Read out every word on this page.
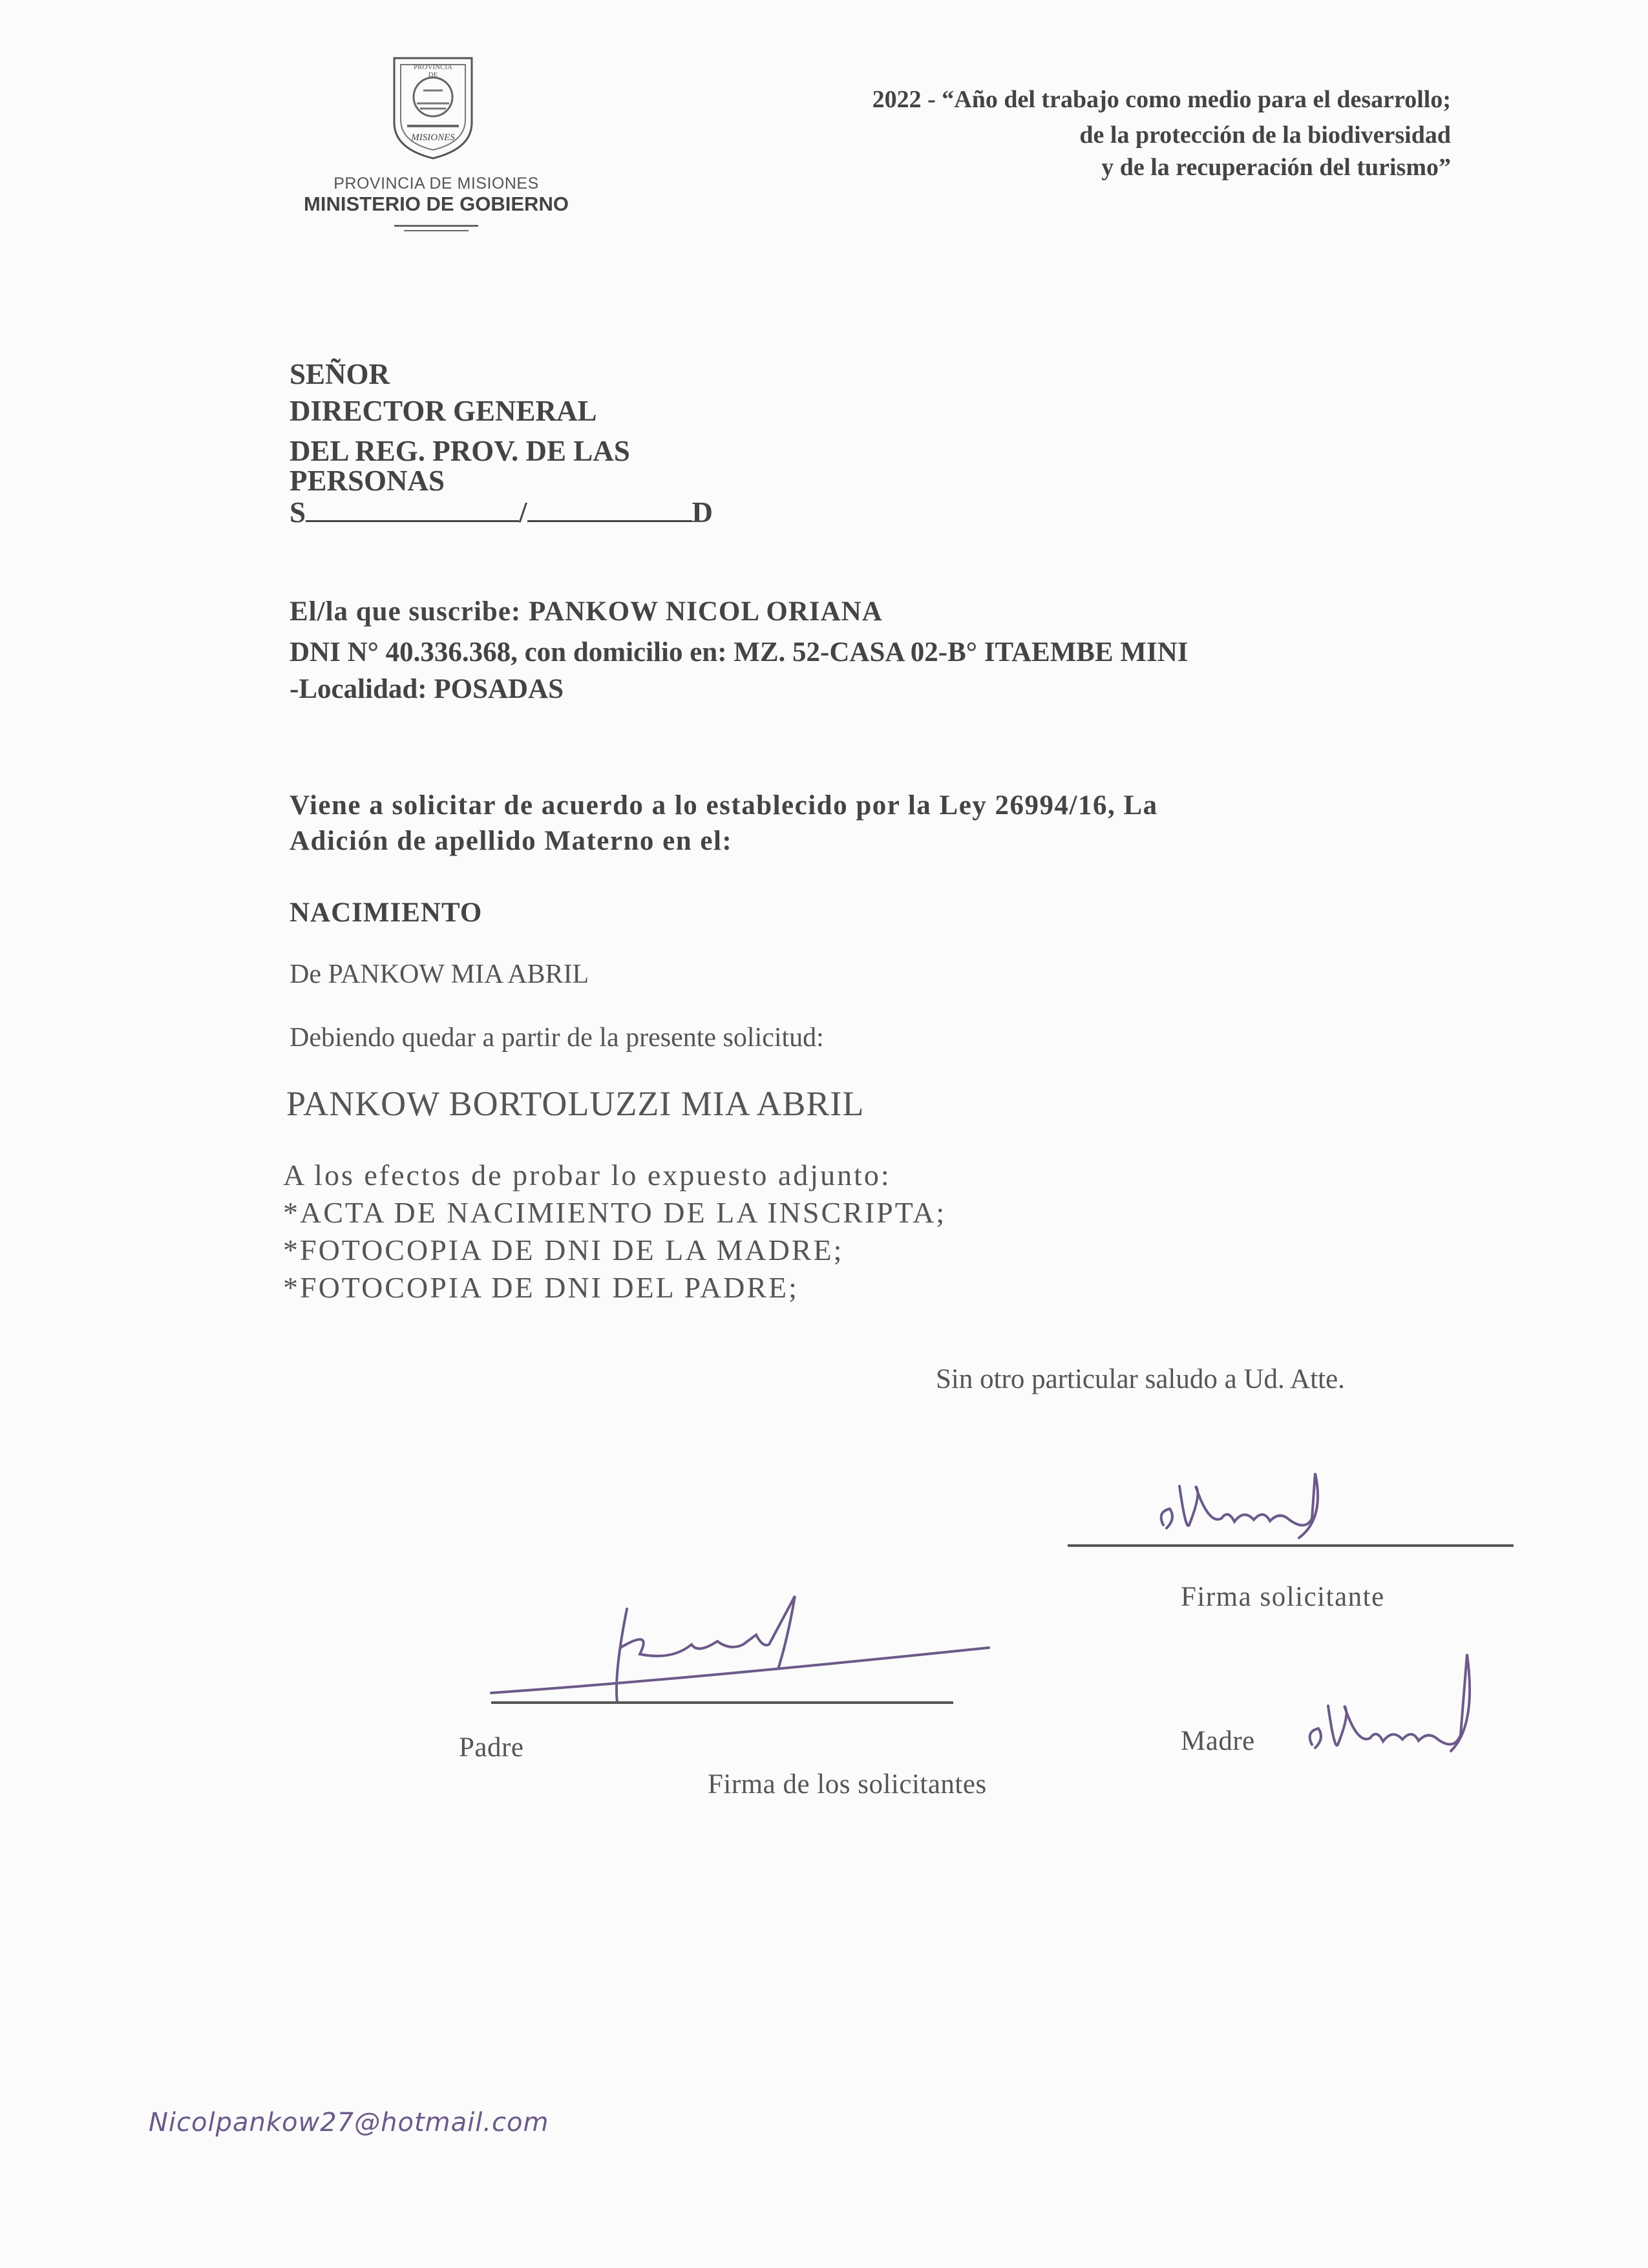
PROVINCIA DE
MISIONES
PROVINCIA DE MISIONES
MINISTERIO DE GOBIERNO
2022 - “Año del trabajo como medio para el desarrollo;
de la protección de la biodiversidad
y de la recuperación del turismo”
SEÑOR
DIRECTOR GENERAL
DEL REG. PROV. DE LAS
PERSONAS
S	/	D
El/la que suscribe: PANKOW NICOL ORIANA
DNI N° 40.336.368, con domicilio en: MZ. 52-CASA 02-B° ITAEMBE MINI
-Localidad: POSADAS
Viene a solicitar de acuerdo a lo establecido por la Ley 26994/16, La
Adición de apellido Materno en el:
NACIMIENTO
De PANKOW MIA ABRIL
Debiendo quedar a partir de la presente solicitud:
PANKOW BORTOLUZZI MIA ABRIL
A los efectos de probar lo expuesto adjunto:
*ACTA DE NACIMIENTO DE LA INSCRIPTA;
*FOTOCOPIA DE DNI DE LA MADRE;
*FOTOCOPIA DE DNI DEL PADRE;
Sin otro particular saludo a Ud. Atte.
Firma solicitante
Padre	Madre
Firma de los solicitantes
Nicolpankow27@hotmail.com
